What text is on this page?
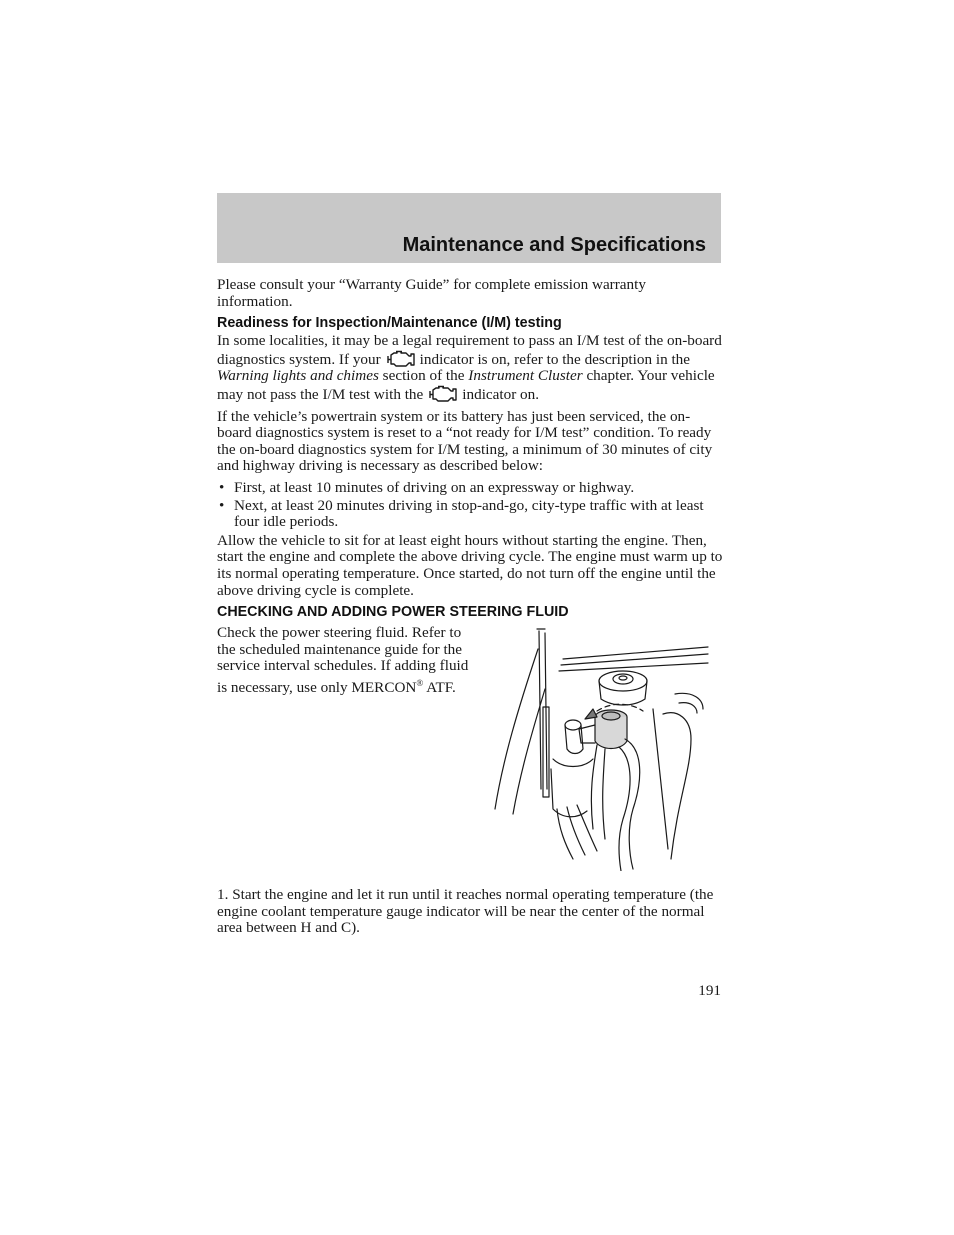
Maintenance and Specifications

Please consult your “Warranty Guide” for complete emission warranty information.

Readiness for Inspection/Maintenance (I/M) testing

In some localities, it may be a legal requirement to pass an I/M test of the on-board diagnostics system. If your	indicator is on, refer to the description in the Warning lights and chimes section of the Instrument Cluster chapter. Your vehicle may not pass the I/M test with the	indicator on.

If the vehicle’s powertrain system or its battery has just been serviced, the on-board diagnostics system is reset to a “not ready for I/M test” condition. To ready the on-board diagnostics system for I/M testing, a minimum of 30 minutes of city and highway driving is necessary as described below:

• First, at least 10 minutes of driving on an expressway or highway.
• Next, at least 20 minutes driving in stop-and-go, city-type traffic with at least four idle periods.

Allow the vehicle to sit for at least eight hours without starting the engine. Then, start the engine and complete the above driving cycle. The engine must warm up to its normal operating temperature. Once started, do not turn off the engine until the above driving cycle is complete.

CHECKING AND ADDING POWER STEERING FLUID
Check the power steering fluid. Refer to the scheduled maintenance guide for the service interval schedules. If adding fluid is necessary, use only MERCON® ATF.

1. Start the engine and let it run until it reaches normal operating temperature (the engine coolant temperature gauge indicator will be near the center of the normal area between H and C).

191
